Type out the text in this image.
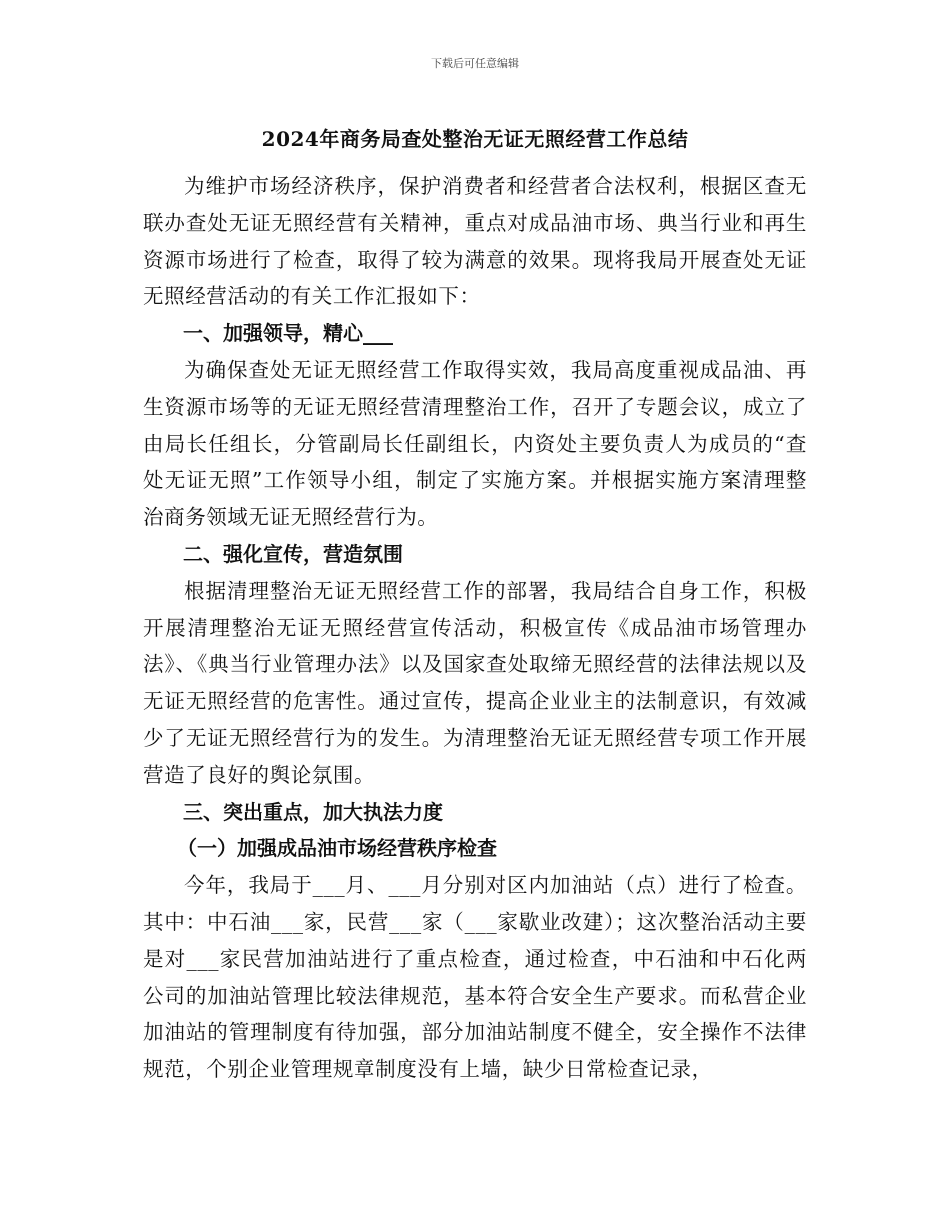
下载后可任意编辑
2024年商务局查处整治无证无照经营工作总结

为维护市场经济秩序，保护消费者和经营者合法权利，根据区查无联办查处无证无照经营有关精神，重点对成品油市场、典当行业和再生资源市场进行了检查，取得了较为满意的效果。现将我局开展查处无证无照经营活动的有关工作汇报如下：

一、加强领导，精心___

为确保查处无证无照经营工作取得实效，我局高度重视成品油、再生资源市场等的无证无照经营清理整治工作，召开了专题会议，成立了由局长任组长，分管副局长任副组长，内资处主要负责人为成员的“查处无证无照”工作领导小组，制定了实施方案。并根据实施方案清理整治商务领域无证无照经营行为。

二、强化宣传，营造氛围

根据清理整治无证无照经营工作的部署，我局结合自身工作，积极开展清理整治无证无照经营宣传活动，积极宣传《成品油市场管理办法》、《典当行业管理办法》以及国家查处取缔无照经营的法律法规以及无证无照经营的危害性。通过宣传，提高企业业主的法制意识，有效减少了无证无照经营行为的发生。为清理整治无证无照经营专项工作开展营造了良好的舆论氛围。

三、突出重点，加大执法力度

（一）加强成品油市场经营秩序检查

今年，我局于___月、___月分别对区内加油站（点）进行了检查。其中：中石油___家，民营___家（___家歇业改建）；这次整治活动主要是对___家民营加油站进行了重点检查，通过检查，中石油和中石化两公司的加油站管理比较法律规范，基本符合安全生产要求。而私营企业加油站的管理制度有待加强，部分加油站制度不健全，安全操作不法律规范，个别企业管理规章制度没有上墙，缺少日常检查记录，
